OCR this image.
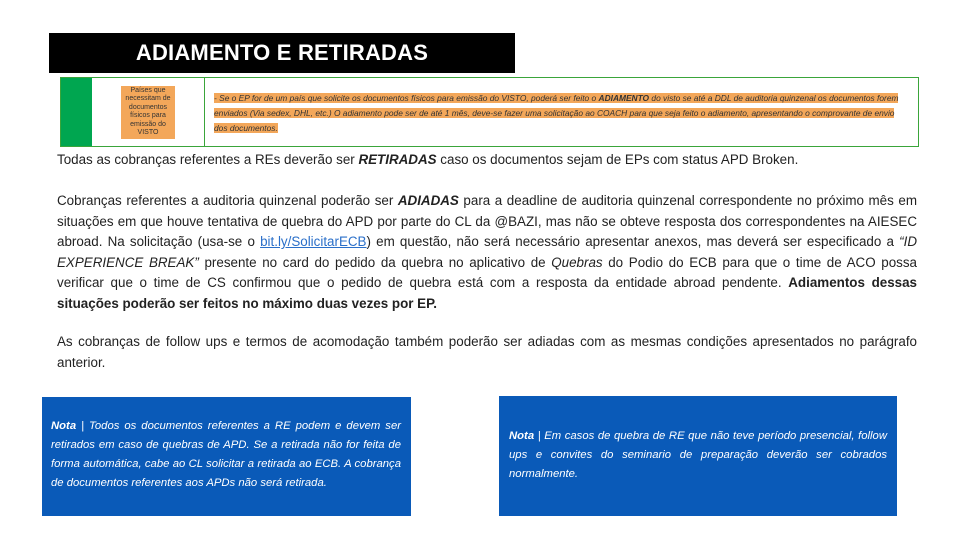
ADIAMENTO E RETIRADAS
Países que necessitam de documentos físicos para emissão do VISTO

- Se o EP for de um país que solicite os documentos físicos para emissão do VISTO, poderá ser feito o ADIAMENTO do visto se até a DDL de auditoria quinzenal os documentos forem enviados (Via sedex, DHL, etc.) O adiamento pode ser de até 1 mês, deve-se fazer uma solicitação ao COACH para que seja feito o adiamento, apresentando o comprovante de envio dos documentos.

Todas as cobranças referentes a REs deverão ser RETIRADAS caso os documentos sejam de EPs com status APD Broken.

Cobranças referentes a auditoria quinzenal poderão ser ADIADAS para a deadline de auditoria quinzenal correspondente no próximo mês em situações em que houve tentativa de quebra do APD por parte do CL da @BAZI, mas não se obteve resposta dos correspondentes na AIESEC abroad. Na solicitação (usa-se o bit.ly/SolicitarECB) em questão, não será necessário apresentar anexos, mas deverá ser especificado a “ID EXPERIENCE BREAK” presente no card do pedido da quebra no aplicativo de Quebras do Podio do ECB para que o time de ACO possa verificar que o time de CS confirmou que o pedido de quebra está com a resposta da entidade abroad pendente. Adiamentos dessas situações poderão ser feitos no máximo duas vezes por EP.

As cobranças de follow ups e termos de acomodação também poderão ser adiadas com as mesmas condições apresentados no parágrafo anterior.

Nota | Todos os documentos referentes a RE podem e devem ser retirados em caso de quebras de APD. Se a retirada não for feita de forma automática, cabe ao CL solicitar a retirada ao ECB. A cobrança de documentos referentes aos APDs não será retirada.

Nota | Em casos de quebra de RE que não teve período presencial, follow ups e convites do seminario de preparação deverão ser cobrados normalmente.
